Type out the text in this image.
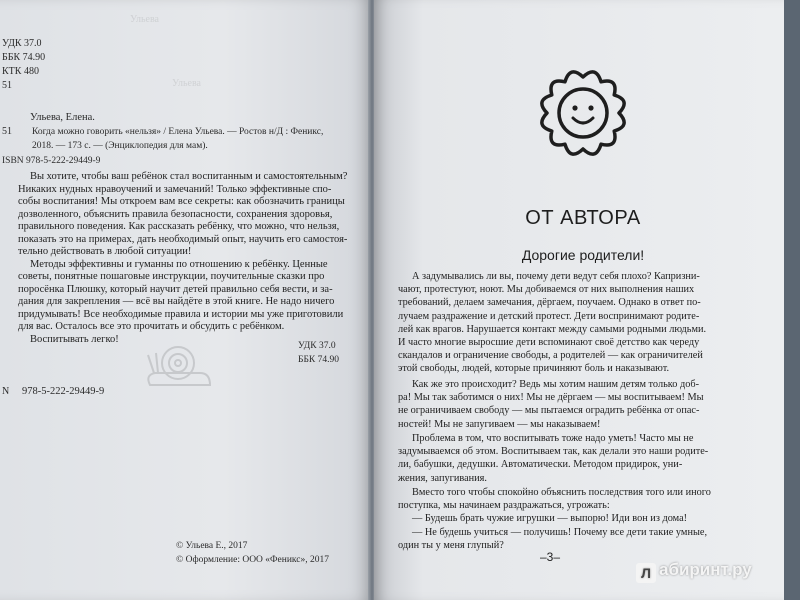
УДК 37.0
ББК 74.90
КТК 480
51
Ульева
Ульева
Ульева, Елена.
51 Когда можно говорить «нельзя» / Елена Ульева. — Ростов н/Д : Феникс,
2018. — 173 с. — (Энциклопедия для мам).
ISBN 978-5-222-29449-9
Вы хотите, чтобы ваш ребёнок стал воспитанным и самостоятельным?
Никаких нудных нравоучений и замечаний! Только эффективные спо-
собы воспитания! Мы откроем вам все секреты: как обозначить границы
дозволенного, объяснить правила безопасности, сохранения здоровья,
правильного поведения. Как рассказать ребёнку, что можно, что нельзя,
показать это на примерах, дать необходимый опыт, научить его самостоя-
тельно действовать в любой ситуации!
Методы эффективны и гуманны по отношению к ребёнку. Ценные
советы, понятные пошаговые инструкции, поучительные сказки про
поросёнка Плюшку, который научит детей правильно себя вести, и за-
дания для закрепления — всё вы найдёте в этой книге. Не надо ничего
придумывать! Все необходимые правила и истории мы уже приготовили
для вас. Осталось все это прочитать и обсудить с ребёнком.
Воспитывать легко!
УДК 37.0
ББК 74.90
N 978-5-222-29449-9
© Ульева Е., 2017
© Оформление: ООО «Феникс», 2017
ОТ АВТОРА
Дорогие родители!
А задумывались ли вы, почему дети ведут себя плохо? Капризни-
чают, протестуют, ноют. Мы добиваемся от них выполнения наших
требований, делаем замечания, дёргаем, поучаем. Однако в ответ по-
лучаем раздражение и детский протест. Дети воспринимают родите-
лей как врагов. Нарушается контакт между самыми родными людьми.
И часто многие выросшие дети вспоминают своё детство как череду
скандалов и ограничение свободы, а родителей — как ограничителей
этой свободы, людей, которые причиняют боль и наказывают.
Как же это происходит? Ведь мы хотим нашим детям только доб-
ра! Мы так заботимся о них! Мы не дёргаем — мы воспитываем! Мы
не ограничиваем свободу — мы пытаемся оградить ребёнка от опас-
ностей! Мы не запугиваем — мы наказываем!
Проблема в том, что воспитывать тоже надо уметь! Часто мы не
задумываемся об этом. Воспитываем так, как делали это наши родите-
ли, бабушки, дедушки. Автоматически. Методом придирок, уни-
жения, запугивания.
Вместо того чтобы спокойно объяснить последствия того или иного
поступка, мы начинаем раздражаться, угрожать:
— Будешь брать чужие игрушки — выпорю! Иди вон из дома!
— Не будешь учиться — получишь! Почему все дети такие умные,
один ты у меня глупый?
–3–
Л абиринт.ру
